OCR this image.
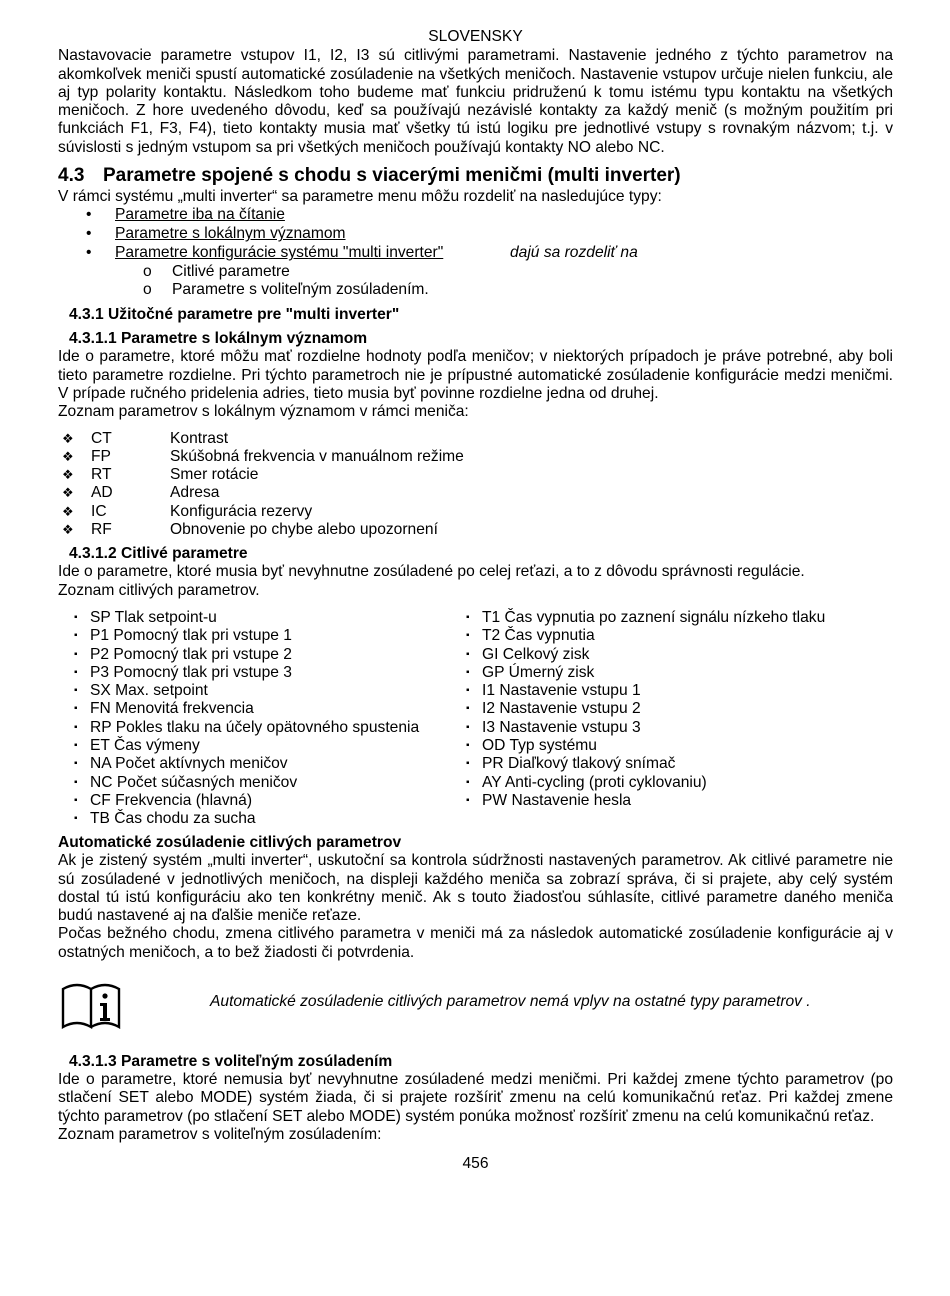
SLOVENSKY

Nastavovacie parametre vstupov I1, I2, I3 sú citlivými parametrami. Nastavenie jedného z týchto parametrov na akomkoľvek meniči spustí automatické zosúladenie na všetkých meničoch. Nastavenie vstupov určuje nielen funkciu, ale aj typ polarity kontaktu. Následkom toho budeme mať funkciu pridruženú k tomu istému typu kontaktu na všetkých meničoch. Z hore uvedeného dôvodu, keď sa používajú nezávislé kontakty za každý menič (s možným použitím pri funkciách F1, F3, F4), tieto kontakty musia mať všetky tú istú logiku pre jednotlivé vstupy s rovnakým názvom; t.j. v súvislosti s jedným vstupom sa pri všetkých meničoch používajú kontakty NO alebo NC.

4.3 Parametre spojené s chodu s viacerými meničmi (multi inverter)

V rámci systému „multi inverter“ sa parametre menu môžu rozdeliť na nasledujúce typy:

• Parametre iba na čítanie
• Parametre s lokálnym významom
• Parametre konfigurácie systému "multi inverter"	dajú sa rozdeliť na
o Citlivé parametre
o Parametre s voliteľným zosúladením.
4.3.1 Užitočné parametre pre "multi inverter"
4.3.1.1 Parametre s lokálnym významom

Ide o parametre, ktoré môžu mať rozdielne hodnoty podľa meničov; v niektorých prípadoch je práve potrebné, aby boli tieto parametre rozdielne. Pri týchto parametroch nie je prípustné automatické zosúladenie konfigurácie medzi meničmi. V prípade ručného pridelenia adries, tieto musia byť povinne rozdielne jedna od druhej.

Zoznam parametrov s lokálnym významom v rámci meniča:

❖ CT	Kontrast
❖ FP	Skúšobná frekvencia v manuálnom režime
❖ RT	Smer rotácie
❖ AD	Adresa
❖ IC	Konfigurácia rezervy
❖ RF	Obnovenie po chybe alebo upozornení
4.3.1.2 Citlivé parametre

Ide o parametre, ktoré musia byť nevyhnutne zosúladené po celej reťazi, a to z dôvodu správnosti regulácie.

Zoznam citlivých parametrov.

▪ SP Tlak setpoint-u
▪ P1 Pomocný tlak pri vstupe 1
▪ P2 Pomocný tlak pri vstupe 2
▪ P3 Pomocný tlak pri vstupe 3
▪ SX Max. setpoint
▪ FN Menovitá frekvencia
▪ RP Pokles tlaku na účely opätovného spustenia
▪ ET Čas výmeny
▪ NA Počet aktívnych meničov
▪ NC Počet súčasných meničov
▪ CF Frekvencia (hlavná)
▪ TB Čas chodu za sucha
▪ T1 Čas vypnutia po zaznení signálu nízkeho tlaku
▪ T2 Čas vypnutia
▪ GI Celkový zisk
▪ GP Úmerný zisk
▪ I1 Nastavenie vstupu 1
▪ I2 Nastavenie vstupu 2
▪ I3 Nastavenie vstupu 3
▪ OD Typ systému
▪ PR Diaľkový tlakový snímač
▪ AY Anti-cycling (proti cyklovaniu)
▪ PW Nastavenie hesla

Automatické zosúladenie citlivých parametrov

Ak je zistený systém „multi inverter“, uskutoční sa kontrola súdržnosti nastavených parametrov. Ak citlivé parametre nie sú zosúladené v jednotlivých meničoch, na displeji každého meniča sa zobrazí správa, či si prajete, aby celý systém dostal tú istú konfiguráciu ako ten konkrétny menič. Ak s touto žiadosťou súhlasíte, citlivé parametre daného meniča budú nastavené aj na ďalšie meniče reťaze.

Počas bežného chodu, zmena citlivého parametra v meniči má za následok automatické zosúladenie konfigurácie aj v ostatných meničoch, a to bež žiadosti či potvrdenia.

Automatické zosúladenie citlivých parametrov nemá vplyv na ostatné typy parametrov .
4.3.1.3 Parametre s voliteľným zosúladením

Ide o parametre, ktoré nemusia byť nevyhnutne zosúladené medzi meničmi. Pri každej zmene týchto parametrov (po stlačení SET alebo MODE) systém žiada, či si prajete rozšíriť zmenu na celú komunikačnú reťaz. Pri každej zmene týchto parametrov (po stlačení SET alebo MODE) systém ponúka možnosť rozšíriť zmenu na celú komunikačnú reťaz.

Zoznam parametrov s voliteľným zosúladením:

456
